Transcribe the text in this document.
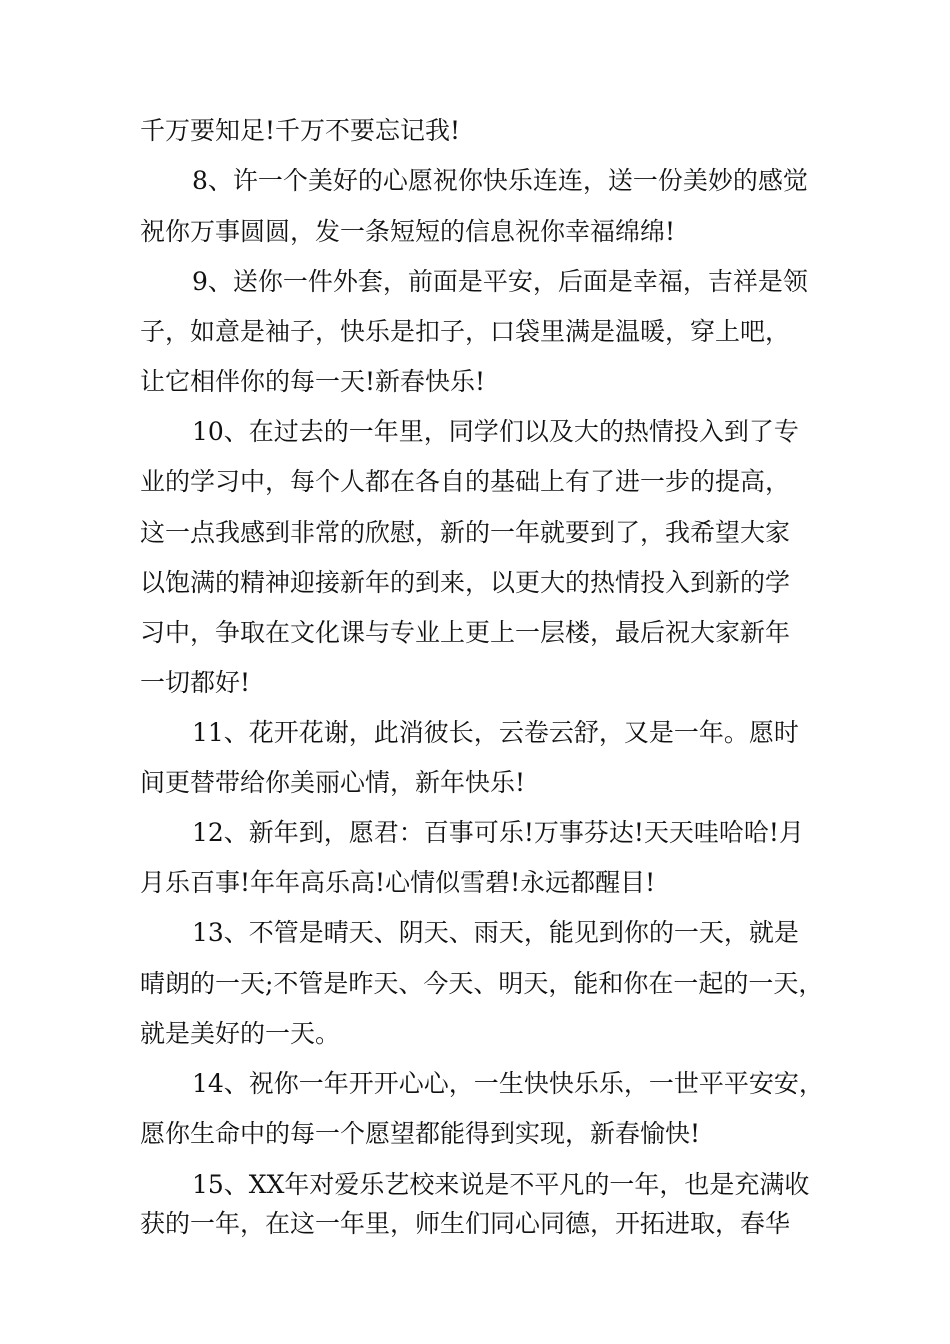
千万要知足!千万不要忘记我!
8、许一个美好的心愿祝你快乐连连，送一份美妙的感觉
祝你万事圆圆，发一条短短的信息祝你幸福绵绵!
9、送你一件外套，前面是平安，后面是幸福，吉祥是领
子，如意是袖子，快乐是扣子，口袋里满是温暖，穿上吧，
让它相伴你的每一天!新春快乐!
10、在过去的一年里，同学们以及大的热情投入到了专
业的学习中，每个人都在各自的基础上有了进一步的提高，
这一点我感到非常的欣慰，新的一年就要到了，我希望大家
以饱满的精神迎接新年的到来，以更大的热情投入到新的学
习中，争取在文化课与专业上更上一层楼，最后祝大家新年
一切都好!
11、花开花谢，此消彼长，云卷云舒，又是一年。愿时
间更替带给你美丽心情，新年快乐!
12、新年到，愿君：百事可乐!万事芬达!天天哇哈哈!月
月乐百事!年年高乐高!心情似雪碧!永远都醒目!
13、不管是晴天、阴天、雨天，能见到你的一天，就是
晴朗的一天;不管是昨天、今天、明天，能和你在一起的一天，
就是美好的一天。
14、祝你一年开开心心，一生快快乐乐，一世平平安安，
愿你生命中的每一个愿望都能得到实现，新春愉快!
15、XX年对爱乐艺校来说是不平凡的一年，也是充满收
获的一年，在这一年里，师生们同心同德，开拓进取，春华
